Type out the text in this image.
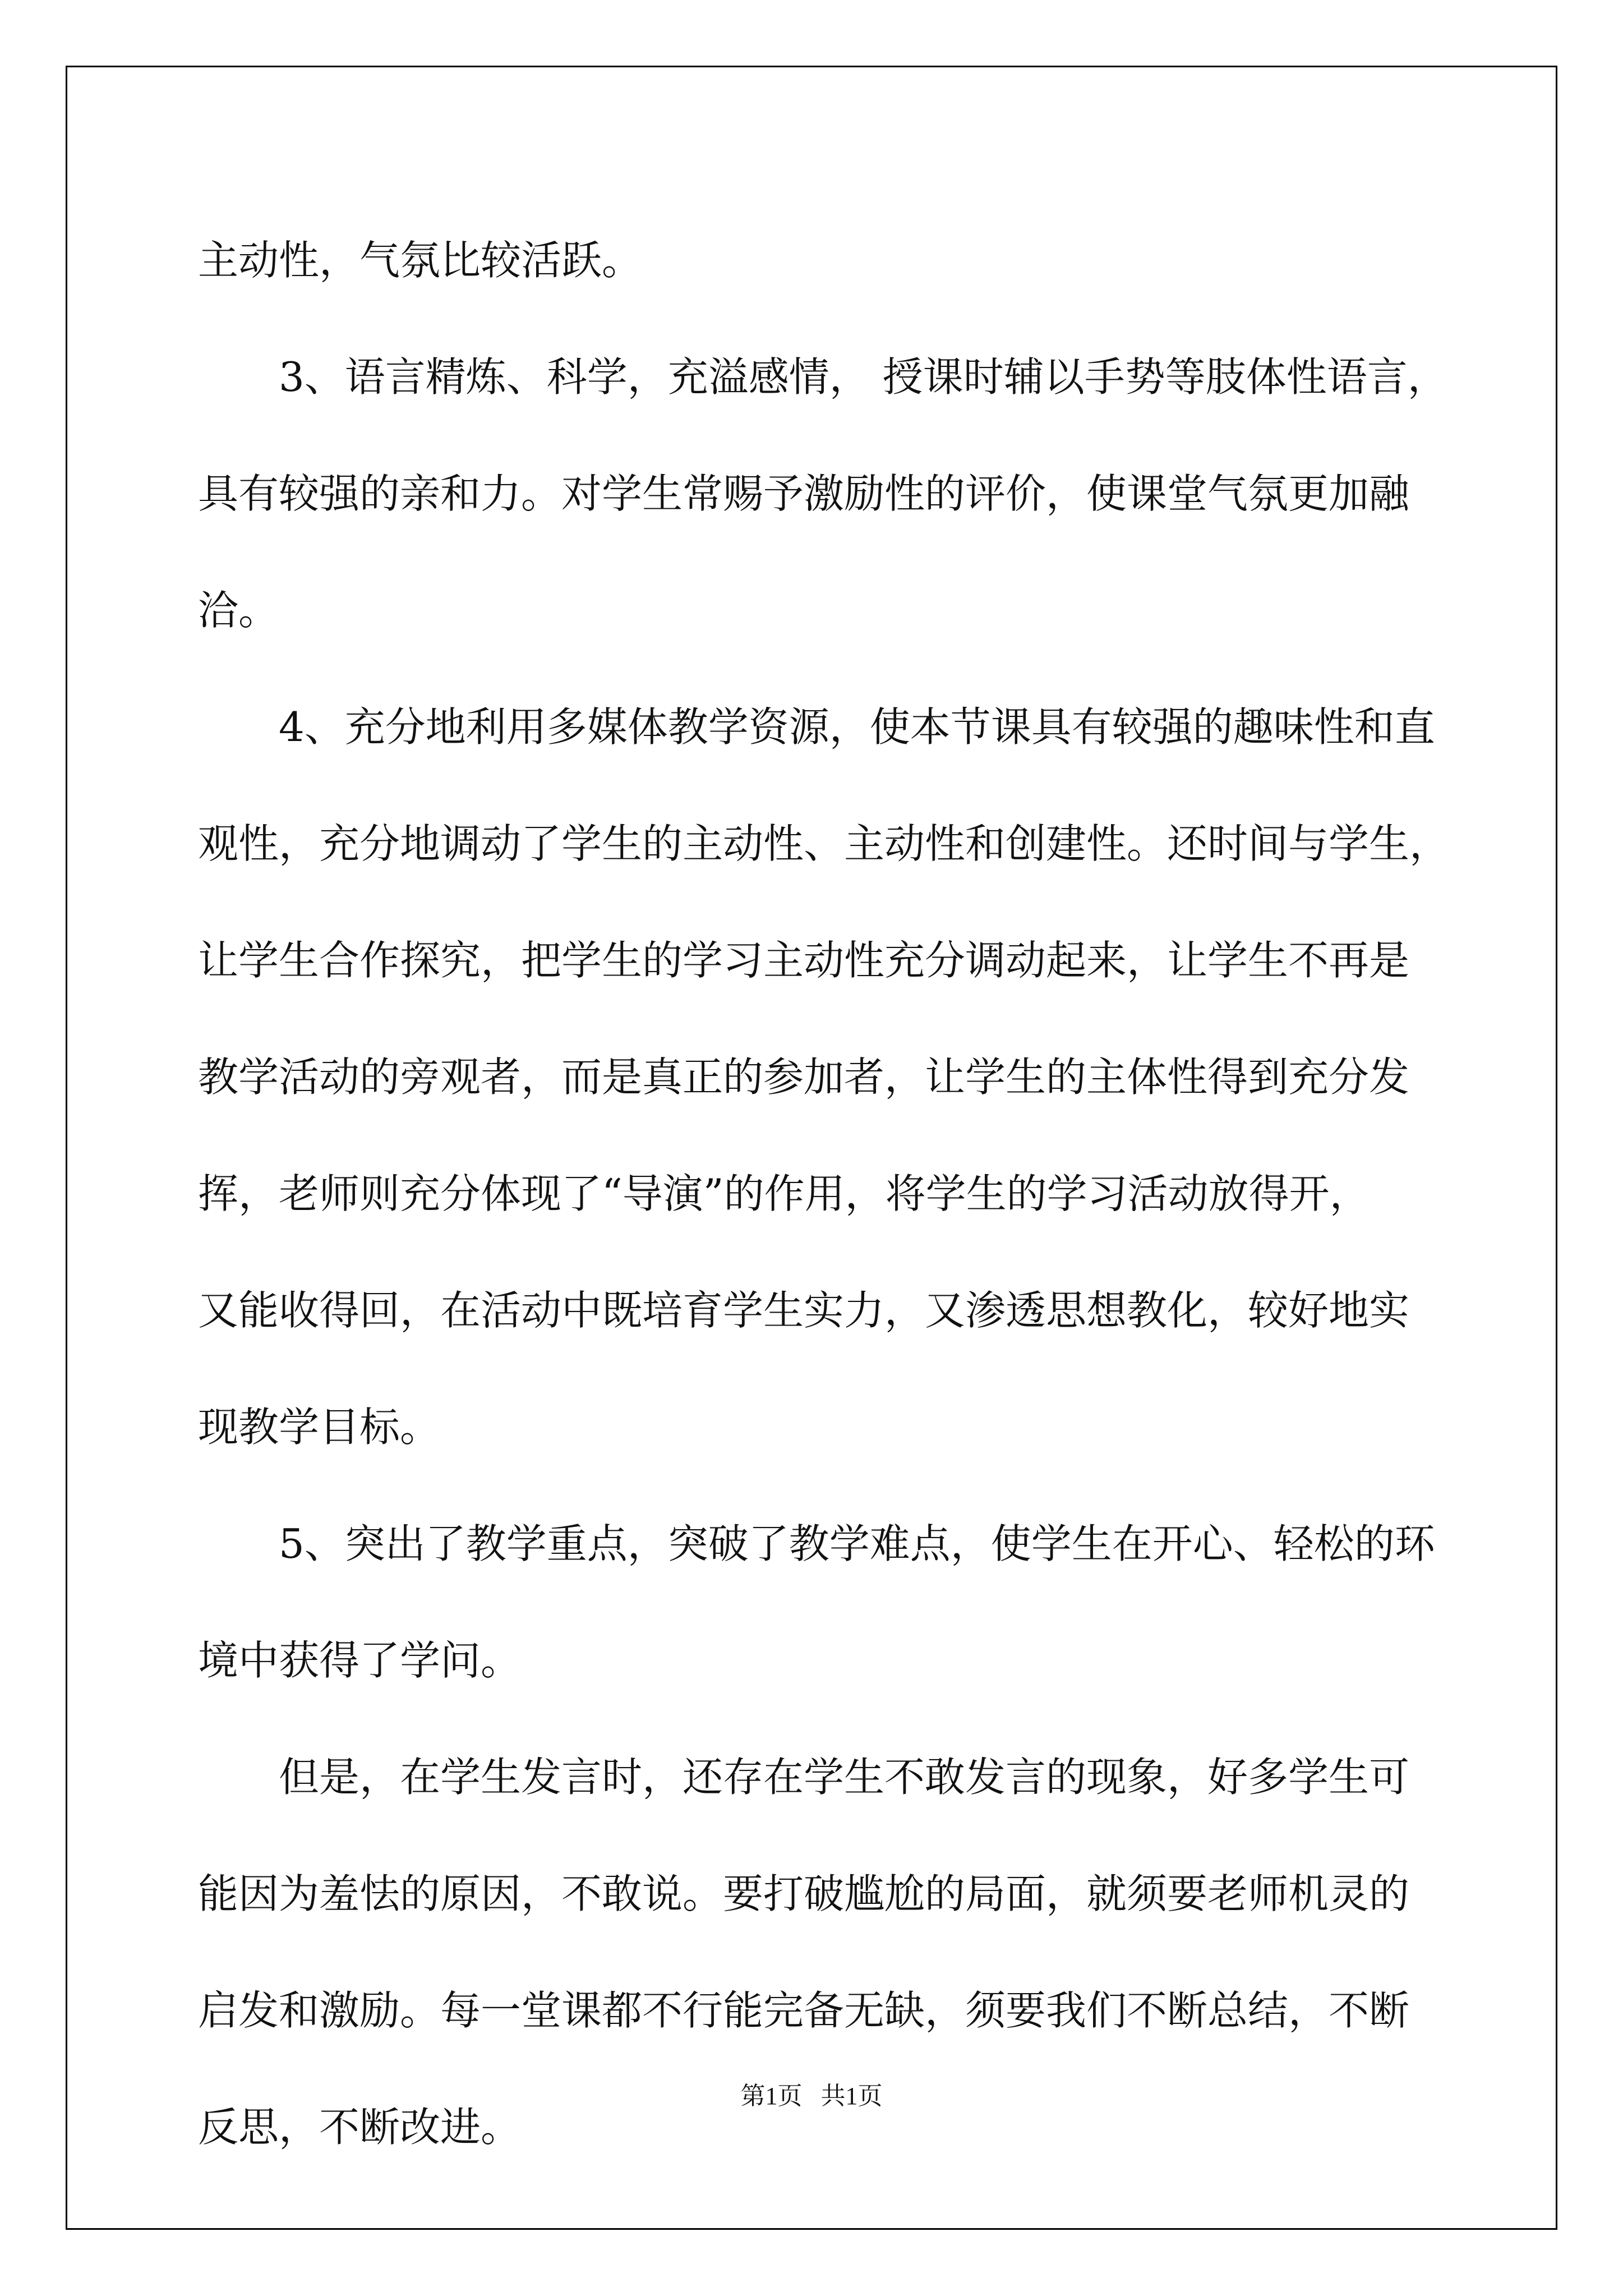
主动性，气氛比较活跃。
3、语言精炼、科学，充溢感情， 授课时辅以手势等肢体性语言，
具有较强的亲和力。对学生常赐予激励性的评价，使课堂气氛更加融
洽。
4、充分地利用多媒体教学资源，使本节课具有较强的趣味性和直
观性，充分地调动了学生的主动性、主动性和创建性。还时间与学生，
让学生合作探究，把学生的学习主动性充分调动起来，让学生不再是
教学活动的旁观者，而是真正的参加者，让学生的主体性得到充分发
挥，老师则充分体现了“导演”的作用，将学生的学习活动放得开，
又能收得回，在活动中既培育学生实力，又渗透思想教化，较好地实
现教学目标。
5、突出了教学重点，突破了教学难点，使学生在开心、轻松的环
境中获得了学问。
但是，在学生发言时，还存在学生不敢发言的现象，好多学生可
能因为羞怯的原因，不敢说。要打破尴尬的局面，就须要老师机灵的
启发和激励。每一堂课都不行能完备无缺，须要我们不断总结，不断
反思，不断改进。
第1页 共1页
